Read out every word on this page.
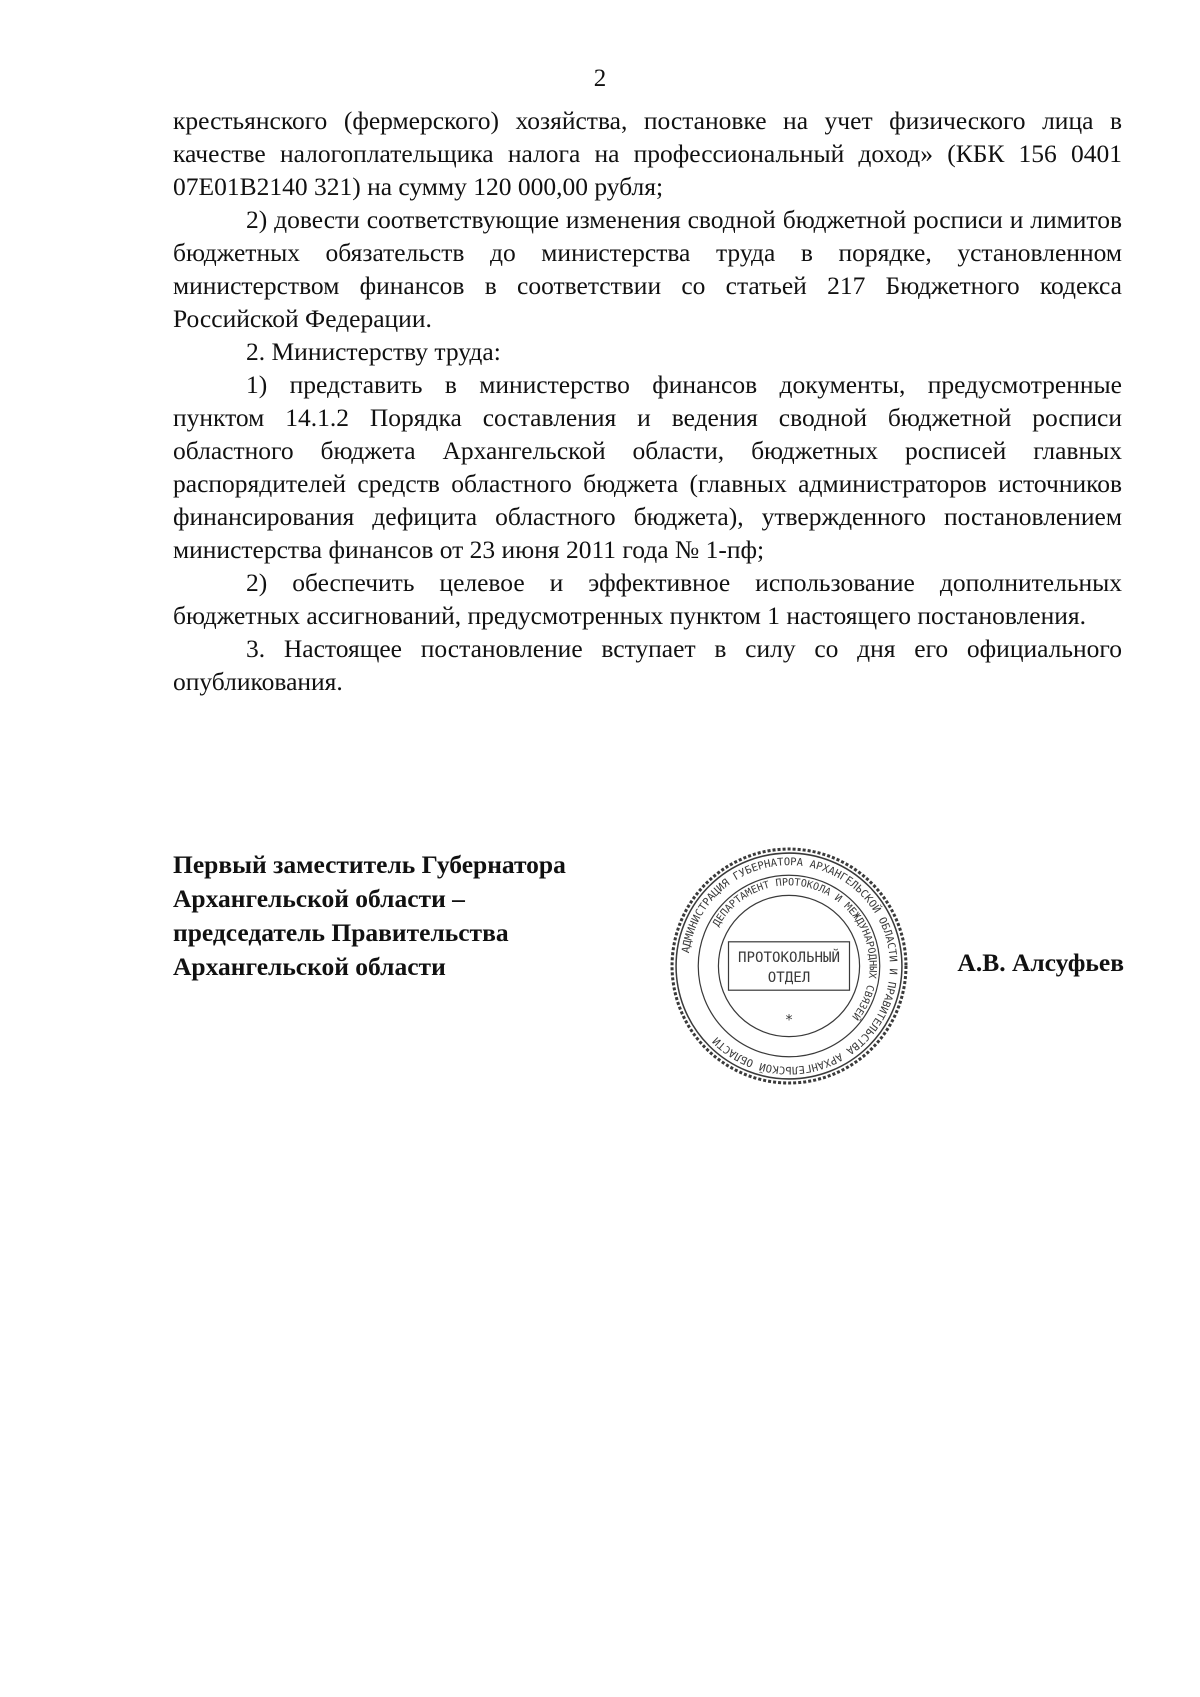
2

крестьянского (фермерского) хозяйства, постановке на учет физического лица в качестве налогоплательщика налога на профессиональный доход» (КБК 156 0401 07Е01В2140 321) на сумму 120 000,00 рубля;

2) довести соответствующие изменения сводной бюджетной росписи и лимитов бюджетных обязательств до министерства труда в порядке, установленном министерством финансов в соответствии со статьей 217 Бюджетного кодекса Российской Федерации.

2. Министерству труда:

1) представить в министерство финансов документы, предусмотренные пунктом 14.1.2 Порядка составления и ведения сводной бюджетной росписи областного бюджета Архангельской области, бюджетных росписей главных распорядителей средств областного бюджета (главных администраторов источников финансирования дефицита областного бюджета), утвержденного постановлением министерства финансов от 23 июня 2011 года № 1-пф;

2) обеспечить целевое и эффективное использование дополнительных бюджетных ассигнований, предусмотренных пунктом 1 настоящего постановления.

3. Настоящее постановление вступает в силу со дня его официального опубликования.

Первый заместитель Губернатора
Архангельской области –
председатель Правительства
Архангельской области	А.В. Алсуфьев
АДМИНИСТРАЦИЯ ГУБЕРНАТОРА АРХАНГЕЛЬСКОЙ ОБЛАСТИ И ПРАВИТЕЛЬСТВА АРХАНГЕЛЬСКОЙ ОБЛАСТИ
ДЕПАРТАМЕНТ ПРОТОКОЛА И МЕЖДУНАРОДНЫХ СВЯЗЕЙ
ПРОТОКОЛЬНЫЙ
ОТДЕЛ
*
